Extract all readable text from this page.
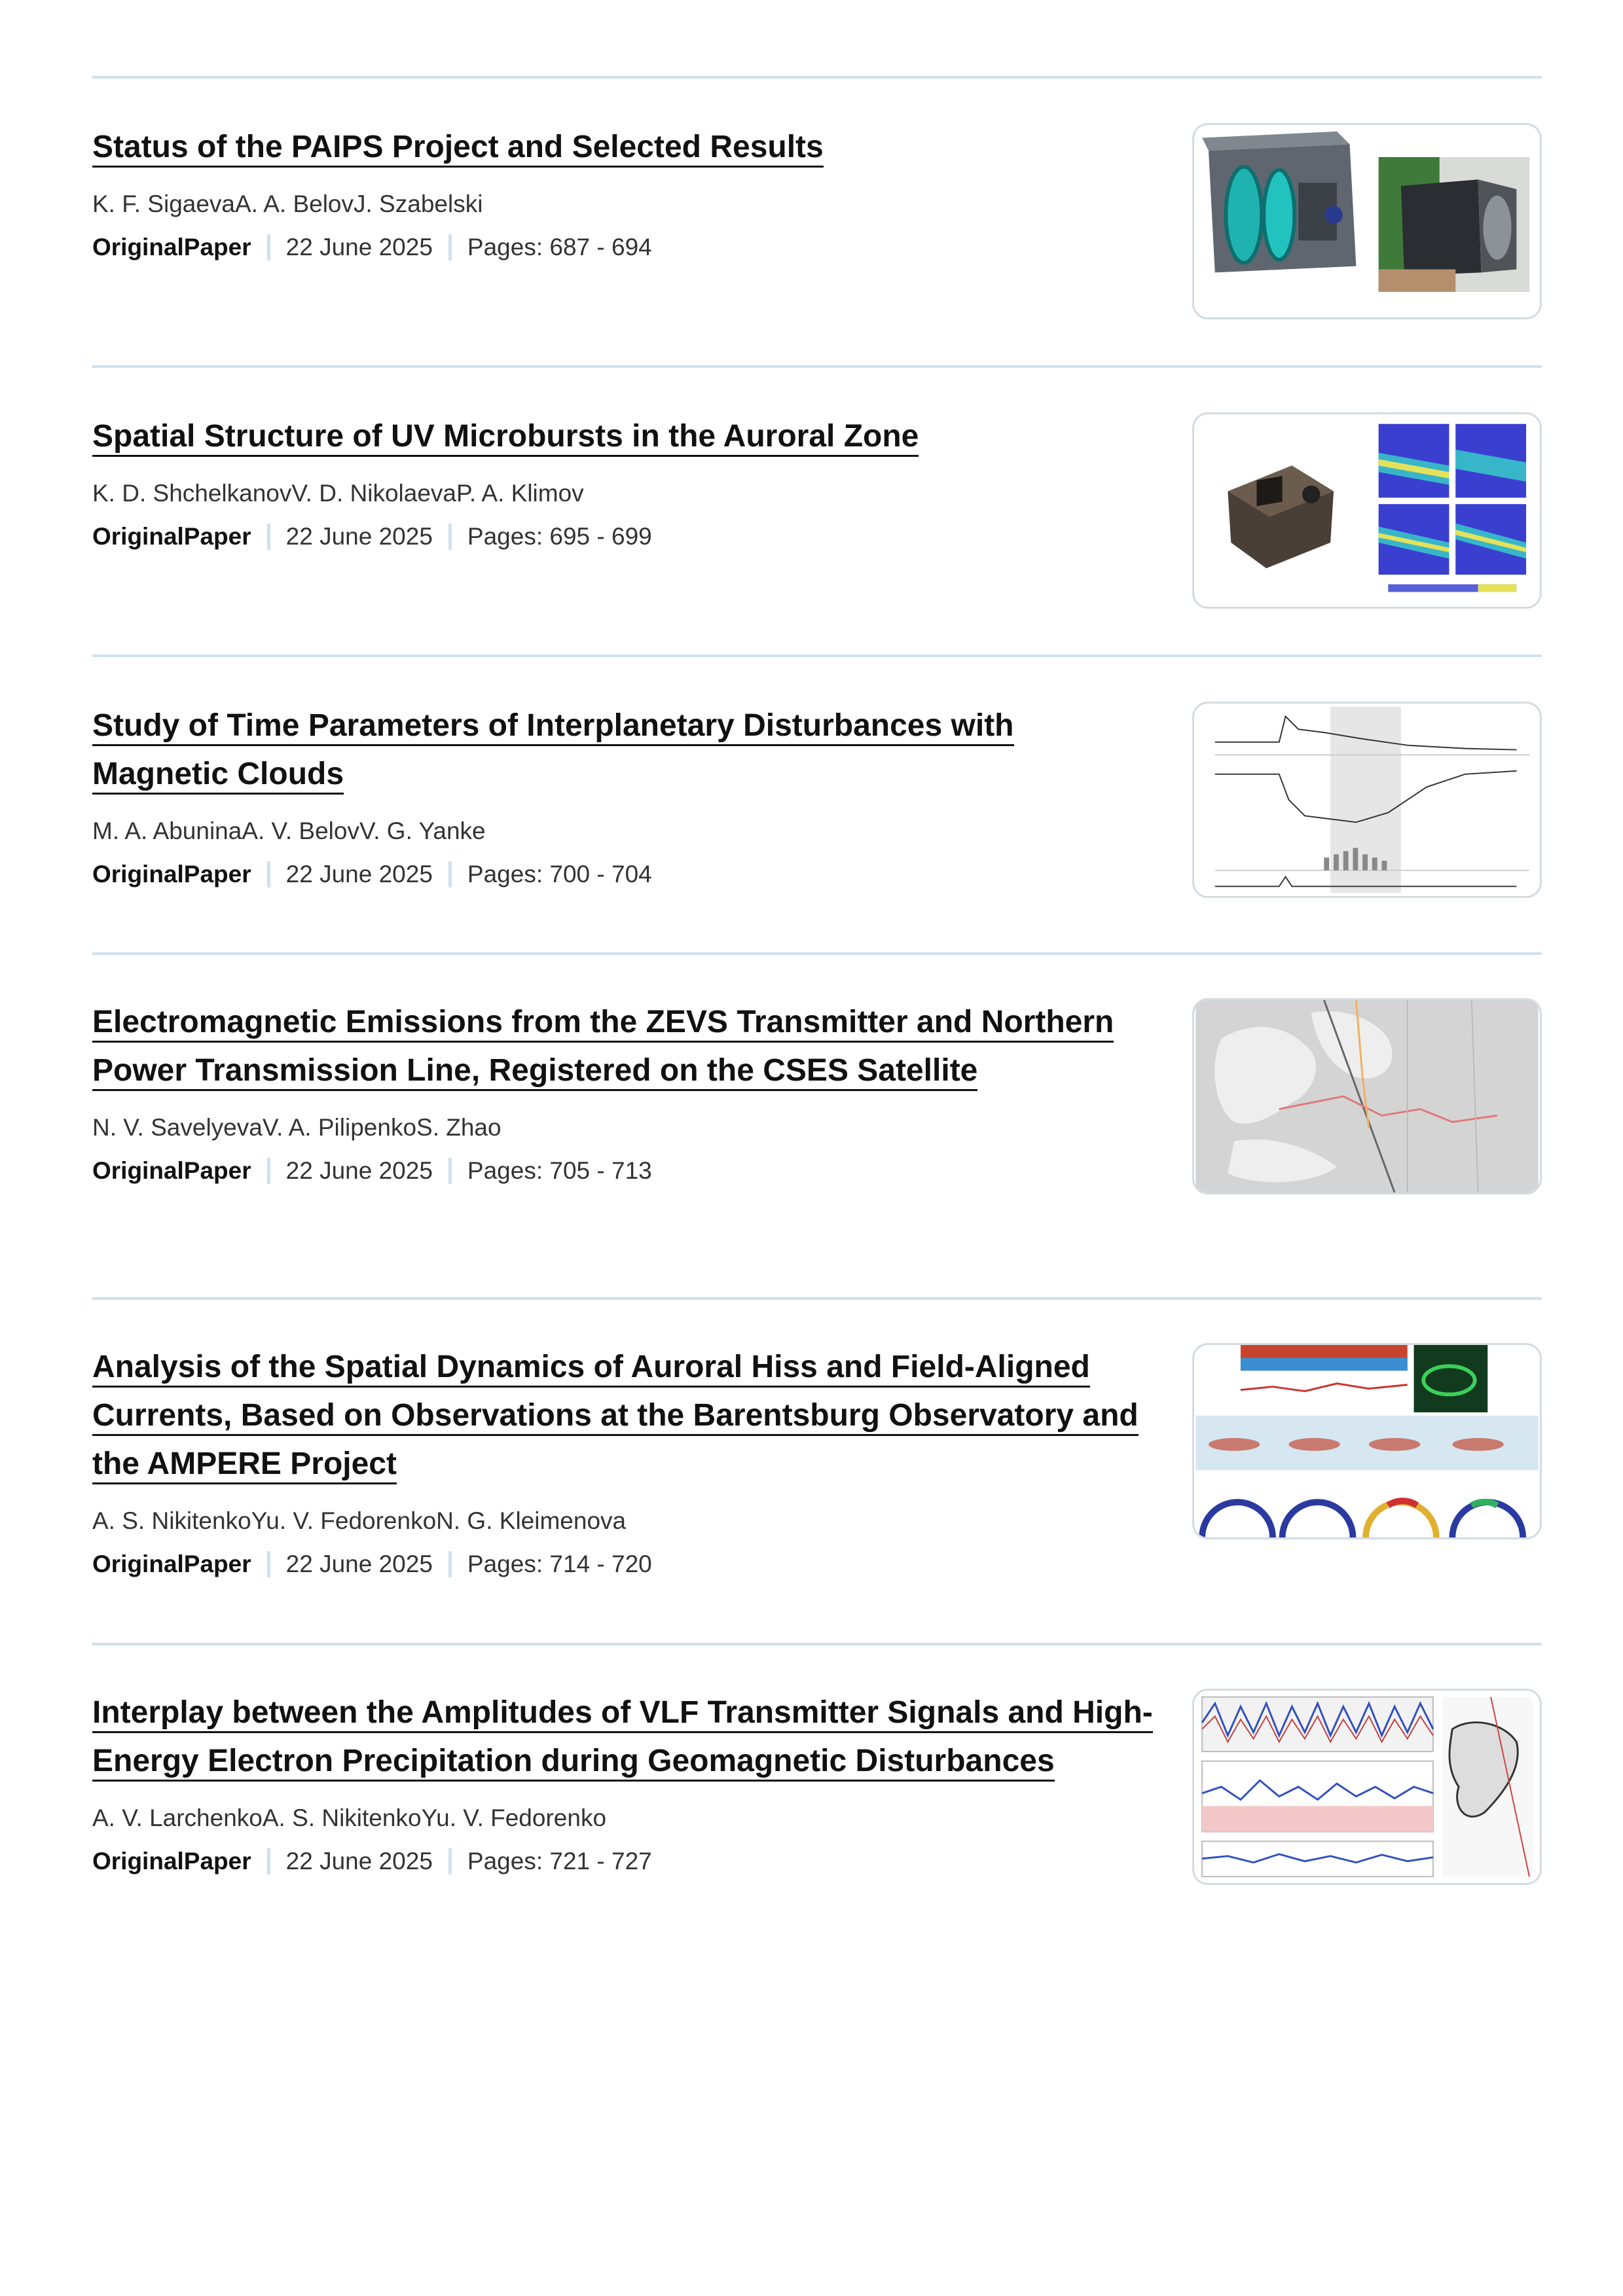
Status of the PAIPS Project and Selected Results
K. F. SigaevaA. A. BelovJ. Szabelski
OriginalPaper 22 June 2025 Pages: 687 - 694
Spatial Structure of UV Microbursts in the Auroral Zone
K. D. ShchelkanovV. D. NikolaevaP. A. Klimov
OriginalPaper 22 June 2025 Pages: 695 - 699
Study of Time Parameters of Interplanetary Disturbances with Magnetic Clouds
M. A. AbuninaA. V. BelovV. G. Yanke
OriginalPaper 22 June 2025 Pages: 700 - 704
Electromagnetic Emissions from the ZEVS Transmitter and Northern Power Transmission Line, Registered on the CSES Satellite
N. V. SavelyevaV. A. PilipenkoS. Zhao
OriginalPaper 22 June 2025 Pages: 705 - 713
Analysis of the Spatial Dynamics of Auroral Hiss and Field-Aligned Currents, Based on Observations at the Barentsburg Observatory and the AMPERE Project
A. S. NikitenkoYu. V. FedorenkoN. G. Kleimenova
OriginalPaper 22 June 2025 Pages: 714 - 720
Interplay between the Amplitudes of VLF Transmitter Signals and High-Energy Electron Precipitation during Geomagnetic Disturbances
A. V. LarchenkoA. S. NikitenkoYu. V. Fedorenko
OriginalPaper 22 June 2025 Pages: 721 - 727
